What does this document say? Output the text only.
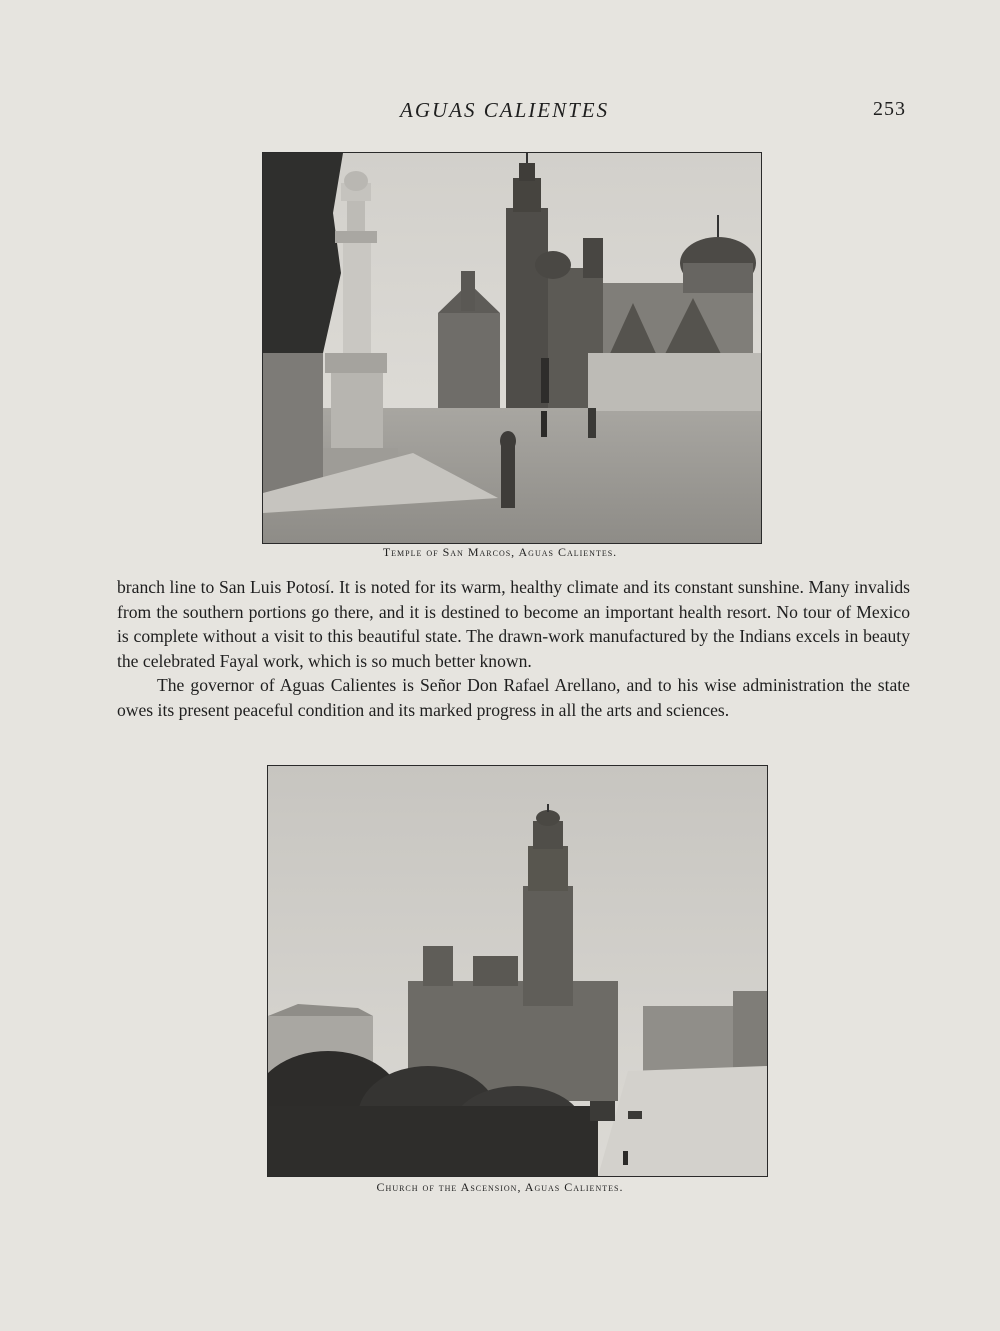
AGUAS CALIENTES	253
Temple of San Marcos, Aguas Calientes.

branch line to San Luis Potosí. It is noted for its warm, healthy climate and its constant sunshine. Many invalids from the southern portions go there, and it is destined to become an important health resort. No tour of Mexico is complete without a visit to this beautiful state. The drawn-work manufactured by the Indians excels in beauty the celebrated Fayal work, which is so much better known.

The governor of Aguas Calientes is Señor Don Rafael Arellano, and to his wise administration the state owes its present peaceful condition and its marked progress in all the arts and sciences.

Church of the Ascension, Aguas Calientes.
